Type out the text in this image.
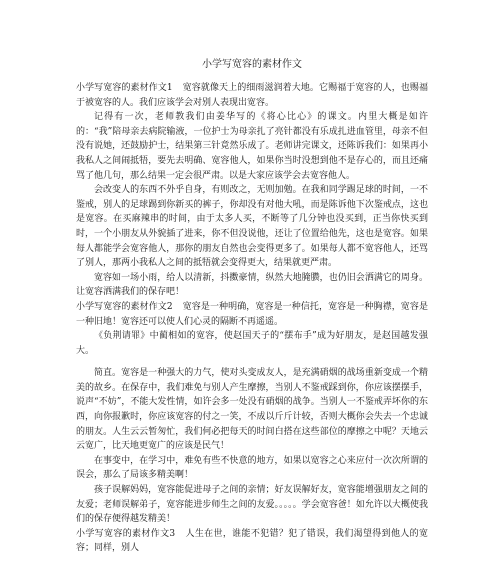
小学写宽容的素材作文

小学写宽容的素材作文1 宽容就像天上的细雨滋润着大地。它赐福于宽容的人，也赐福于被宽容的人。我们应该学会对别人表现出宽容。

记得有一次，老师教我们由姜华写的《将心比心》的课文。内里大概是如许的：“我”陪母亲去病院输液，一位护士为母亲扎了亮针都没有乐成扎进血管里，母亲不但没有说她，还鼓励护士，结果第三针竟然乐成了。老师讲完课文，还陈诉我们：如果再小我私人之间闹抵牾，要先去明确、宽容他人，如果你当时没想到他不是存心的，而且还痛骂了他几句，那么结果一定会很严肃。以是大家应该学会去宽容他人。

会改变人的东西不外乎自身，有则改之，无则加勉。在我和同学踢足球的时间，一不鉴戒，别人的足球踢到你新买的裤子，你却没有对他大吼，而是陈诉他下次鉴戒点，这也是宽容。在买麻辣串的时间，由于太多人买，不断等了几分钟也没买到，正当你快买到时，一个小朋友从外貌插了进来，你不但没说他，还让了位置给他先，这也是宽容。如果每人都能学会宽容他人，那你的朋友自然也会变得更多了。如果每人都不宽容他人，还骂了别人，那两小我私人之间的抵牾就会变得更大，结果就更严肃。

宽容如一场小雨，给人以清新，抖擞豪情，纵然大地腌臜，也仍旧会洒满它的周身。让宽容洒满我们的保存吧！

小学写宽容的素材作文2 宽容是一种明确，宽容是一种信托，宽容是一种胸襟，宽容是一种旧地！宽容还可以使人们心灵的隔断不再遥遥。

《负荆请罪》中蔺相如的宽容，使赵国天子的“摆布手”成为好朋友，是赵国越发强大。

简直。宽容是一种强大的力气，使对头变成友人，是充满硝烟的战场重新变成一个精美的故乡。在保存中，我们难免与别人产生摩擦，当别人不鉴戒踩到你，你应该摆摆手，说声“不妨”，不能大发性情，如许会多一处没有硝烟的战争。当别人一不鉴戒弄坏你的东西，向你报歉时，你应该宽容的付之一笑，不成以斤斤计较，否则大概你会失去一个忠诚的朋友。人生云云暂匆忙，我们何必把每天的时间白搭在这些部位的摩擦之中呢？天地云云宽广，比天地更宽广的应该是民气！

在事变中，在学习中，难免有些不快意的地方，如果以宽容之心来应付一次次所谓的误会，那么了局该多精美啊！

孩子误解妈妈，宽容能促进母子之间的亲情；好友误解好友，宽容能增强朋友之间的友爱；老师误解弟子，宽容能进步师生之间的友爱。。。。。学会宽容爸！如允许以大概使我们的保存便得越发精美！

小学写宽容的素材作文3 人生在世，谁能不犯错？犯了错误，我们渴望得到他人的宽容；同样，别人
